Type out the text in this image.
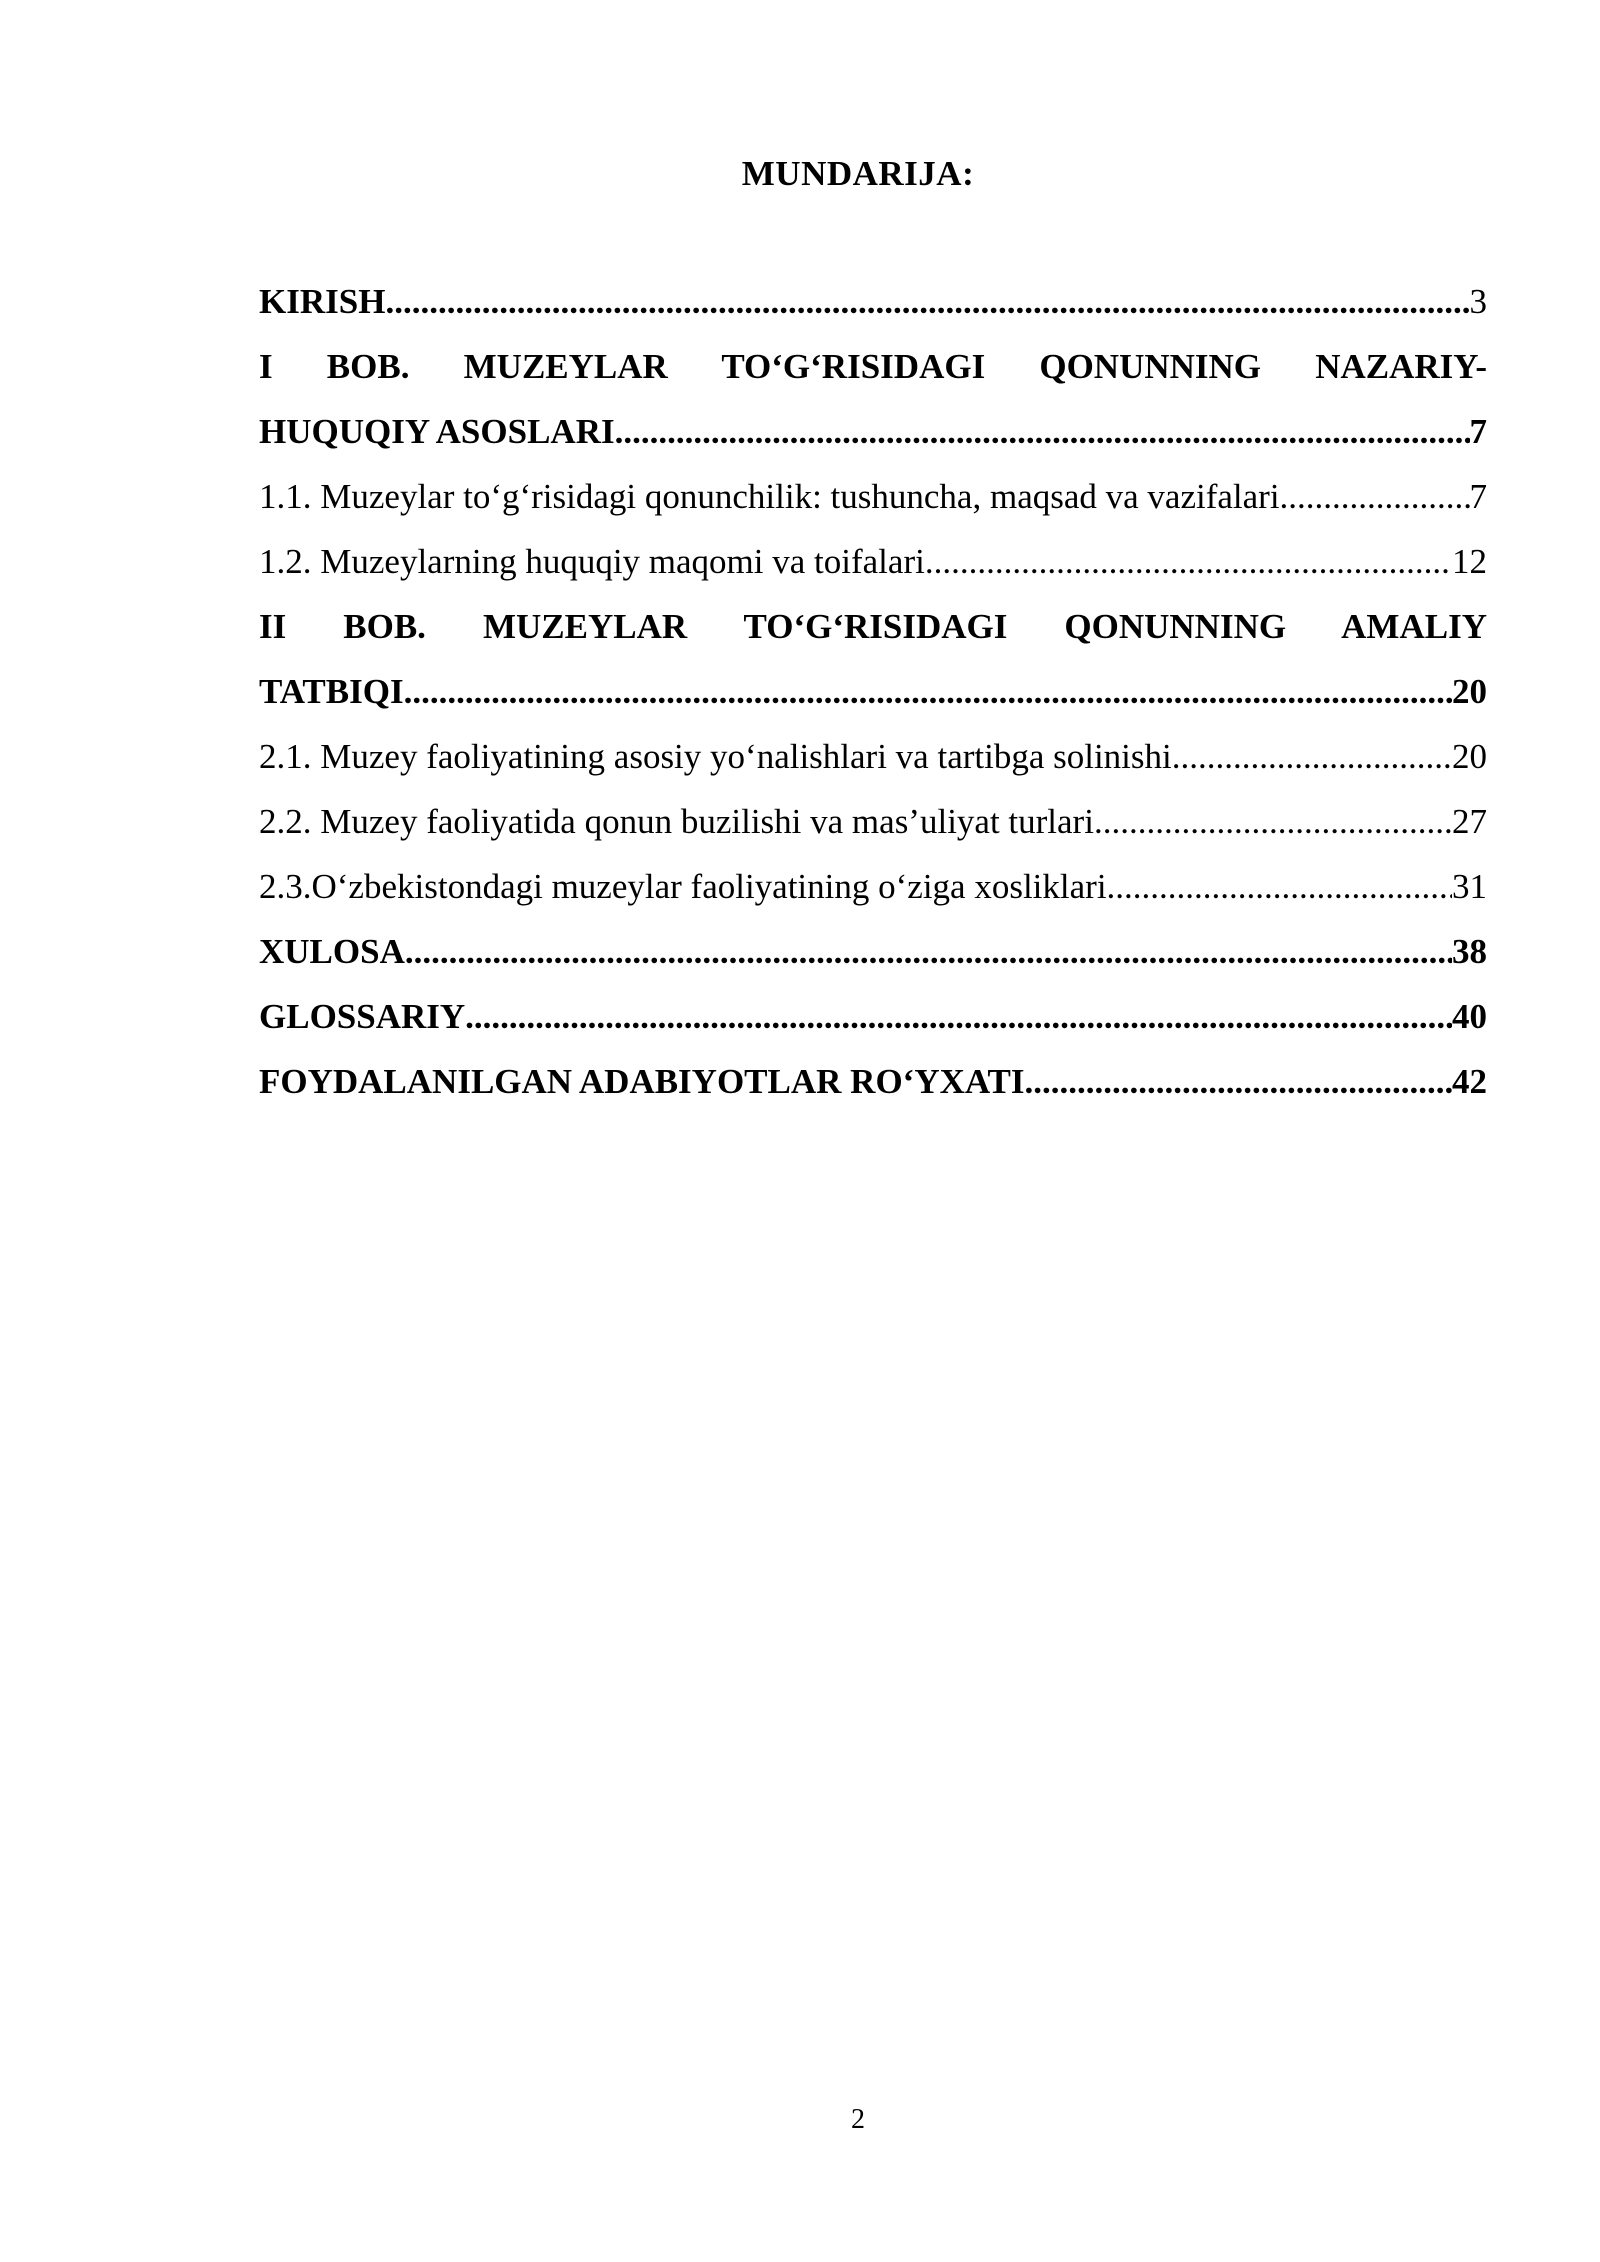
MUNDARIJA:
KIRISH .....	3
I BOB. MUZEYLAR TO‘G‘RISIDAGI QONUNNING NAZARIY-
HUQUQIY ASOSLARI .....	7
1.1. Muzeylar to‘g‘risidagi qonunchilik: tushuncha, maqsad va vazifalari .....	7
1.2. Muzeylarning huquqiy maqomi va toifalari .....	12
II BOB. MUZEYLAR TO‘G‘RISIDAGI QONUNNING AMALIY
TATBIQI .....	20
2.1. Muzey faoliyatining asosiy yo‘nalishlari va tartibga solinishi .....	20
2.2. Muzey faoliyatida qonun buzilishi va mas’uliyat turlari .....	27
2.3.O‘zbekistondagi muzeylar faoliyatining o‘ziga xosliklari .....	31
XULOSA .....	38
GLOSSARIY .....	40
FOYDALANILGAN ADABIYOTLAR RO‘YXATI .....	42
2
